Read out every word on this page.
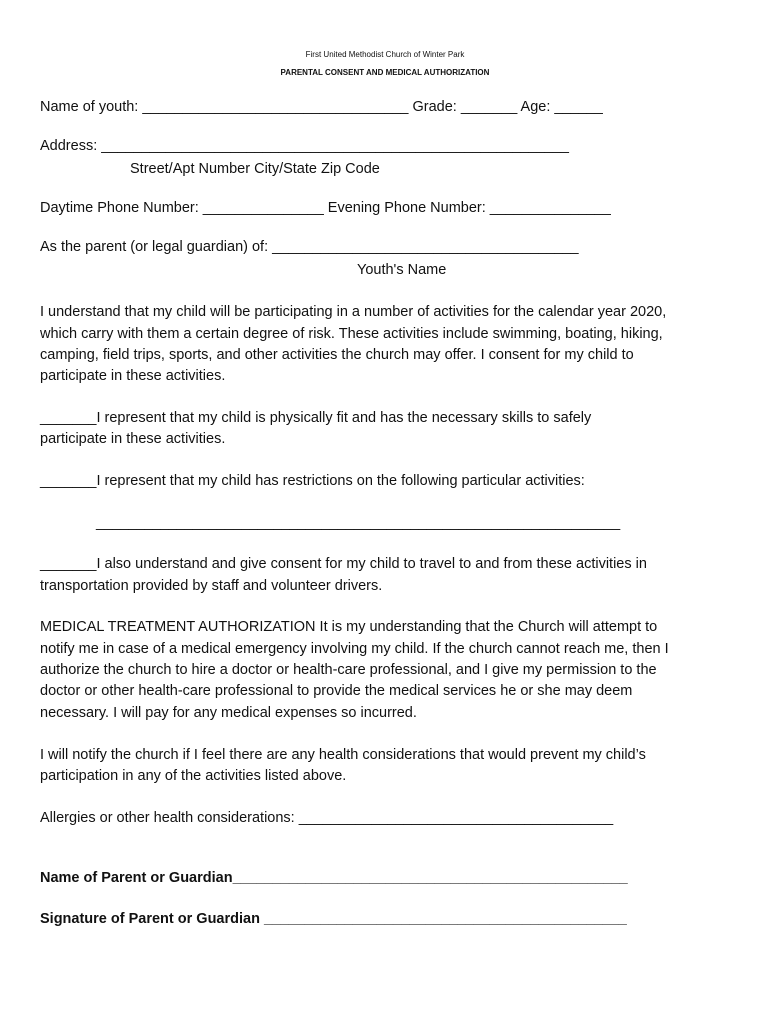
First United Methodist Church of Winter Park

PARENTAL CONSENT AND MEDICAL AUTHORIZATION

Name of youth: _________________________________ Grade: _______ Age: ______

Address: __________________________________________________________

Street/Apt Number City/State Zip Code

Daytime Phone Number: _______________ Evening Phone Number: _______________

As the parent (or legal guardian) of: ______________________________________

Youth's Name

I understand that my child will be participating in a number of activities for the calendar year 2020,

which carry with them a certain degree of risk. These activities include swimming, boating, hiking,

camping, field trips, sports, and other activities the church may offer. I consent for my child to

participate in these activities.

_______I represent that my child is physically fit and has the necessary skills to safely

participate in these activities.

_______I represent that my child has restrictions on the following particular activities:

_________________________________________________________________

_______I also understand and give consent for my child to travel to and from these activities in

transportation provided by staff and volunteer drivers.

MEDICAL TREATMENT AUTHORIZATION It is my understanding that the Church will attempt to

notify me in case of a medical emergency involving my child. If the church cannot reach me, then I

authorize the church to hire a doctor or health-care professional, and I give my permission to the

doctor or other health-care professional to provide the medical services he or she may deem

necessary. I will pay for any medical expenses so incurred.

I will notify the church if I feel there are any health considerations that would prevent my child’s

participation in any of the activities listed above.

Allergies or other health considerations: _______________________________________

Name of Parent or Guardian_________________________________________________

Signature of Parent or Guardian _____________________________________________
